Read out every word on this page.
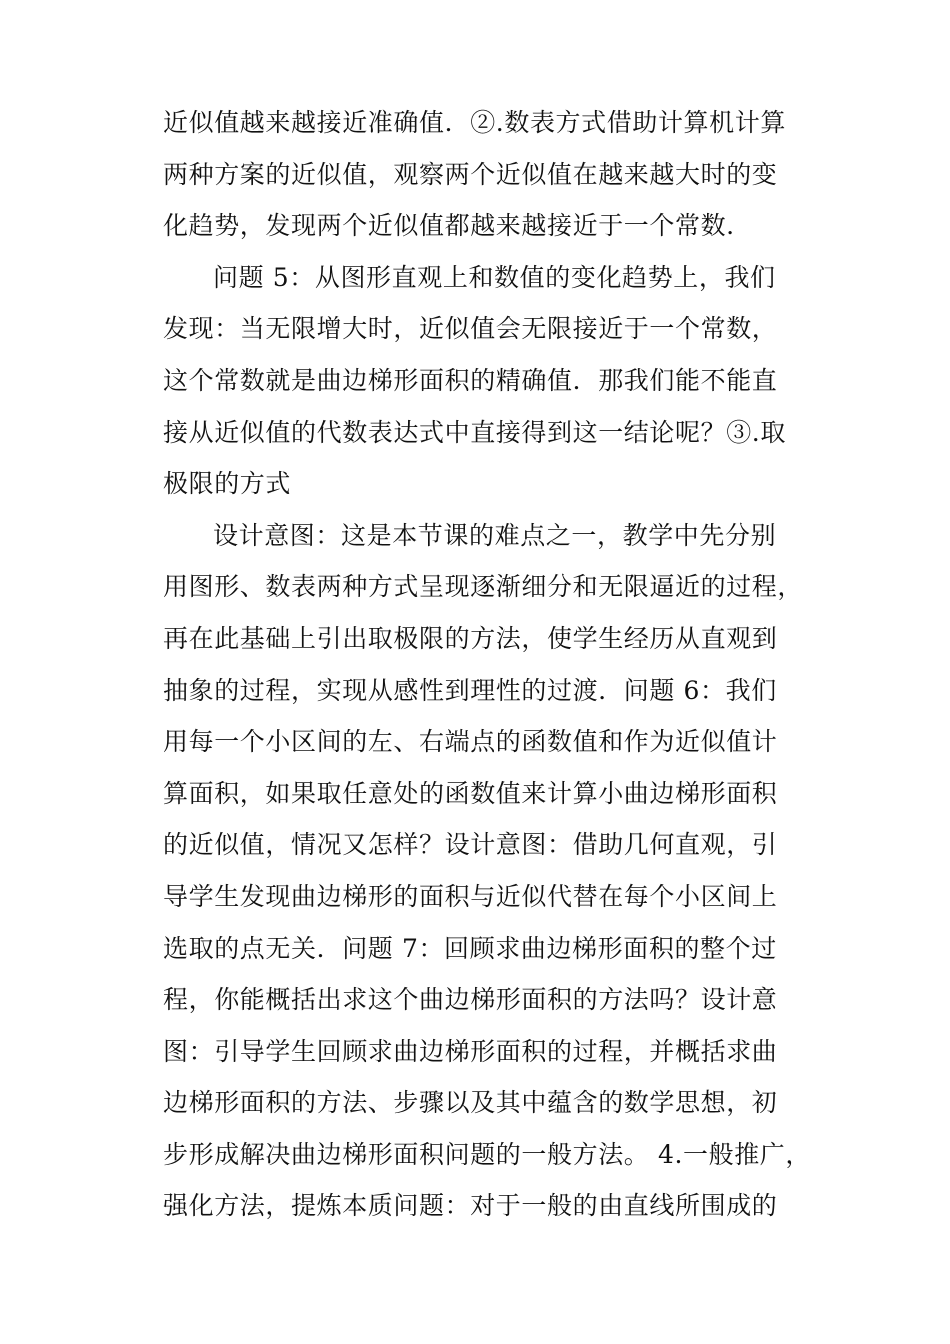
近似值越来越接近准确值．②.数表方式借助计算机计算
两种方案的近似值，观察两个近似值在越来越大时的变
化趋势，发现两个近似值都越来越接近于一个常数．
问题 5：从图形直观上和数值的变化趋势上，我们
发现：当无限增大时，近似值会无限接近于一个常数，
这个常数就是曲边梯形面积的精确值．那我们能不能直
接从近似值的代数表达式中直接得到这一结论呢？③.取
极限的方式
设计意图：这是本节课的难点之一，教学中先分别
用图形、数表两种方式呈现逐渐细分和无限逼近的过程，
再在此基础上引出取极限的方法，使学生经历从直观到
抽象的过程，实现从感性到理性的过渡．问题 6：我们
用每一个小区间的左、右端点的函数值和作为近似值计
算面积，如果取任意处的函数值来计算小曲边梯形面积
的近似值，情况又怎样？设计意图：借助几何直观，引
导学生发现曲边梯形的面积与近似代替在每个小区间上
选取的点无关．问题 7：回顾求曲边梯形面积的整个过
程，你能概括出求这个曲边梯形面积的方法吗？设计意
图：引导学生回顾求曲边梯形面积的过程，并概括求曲
边梯形面积的方法、步骤以及其中蕴含的数学思想，初
步形成解决曲边梯形面积问题的一般方法。 4.一般推广，
强化方法，提炼本质问题：对于一般的由直线所围成的
